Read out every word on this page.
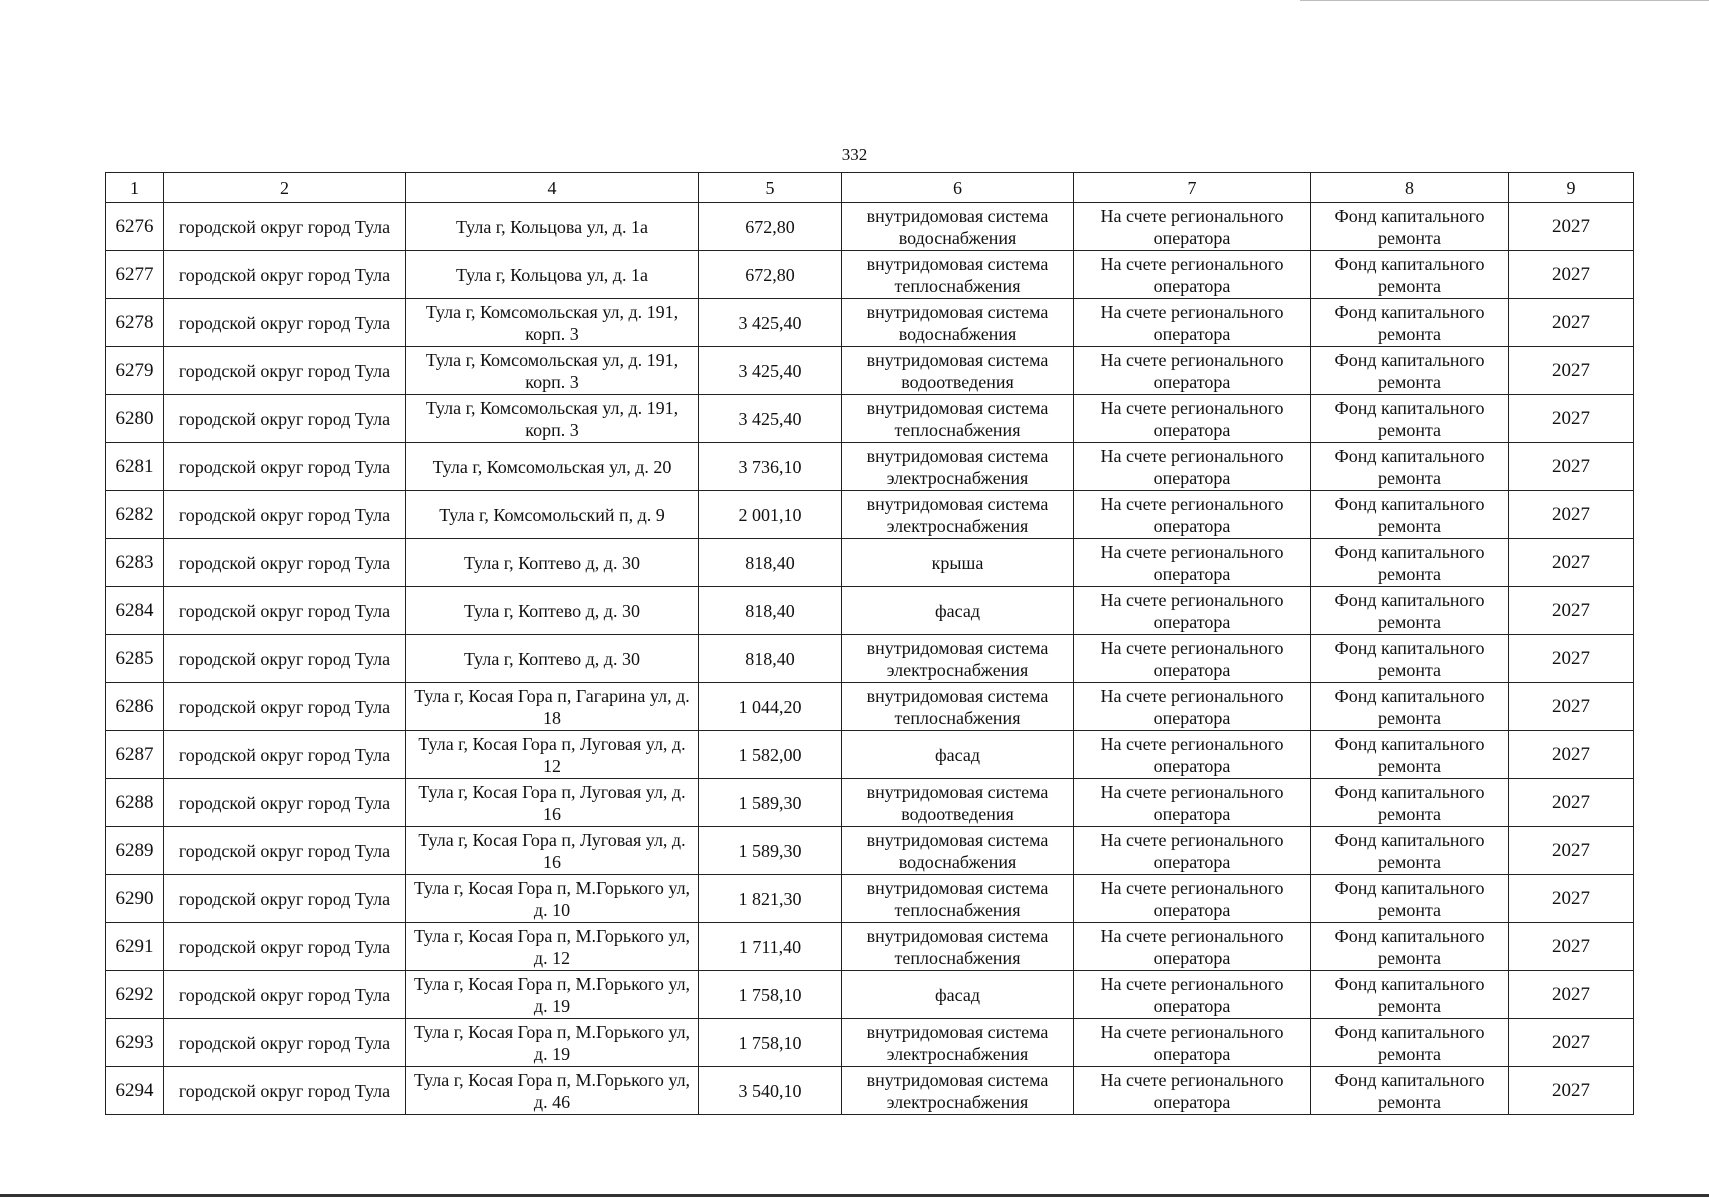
332
1	2	4	5	6	7	8	9
6276	городской округ город Тула	Тула г, Кольцова ул, д. 1а	672,80	внутридомовая система водоснабжения	На счете регионального оператора	Фонд капитального ремонта	2027
6277	городской округ город Тула	Тула г, Кольцова ул, д. 1а	672,80	внутридомовая система теплоснабжения	На счете регионального оператора	Фонд капитального ремонта	2027
6278	городской округ город Тула	Тула г, Комсомольская ул, д. 191, корп. 3	3 425,40	внутридомовая система водоснабжения	На счете регионального оператора	Фонд капитального ремонта	2027
6279	городской округ город Тула	Тула г, Комсомольская ул, д. 191, корп. 3	3 425,40	внутридомовая система водоотведения	На счете регионального оператора	Фонд капитального ремонта	2027
6280	городской округ город Тула	Тула г, Комсомольская ул, д. 191, корп. 3	3 425,40	внутридомовая система теплоснабжения	На счете регионального оператора	Фонд капитального ремонта	2027
6281	городской округ город Тула	Тула г, Комсомольская ул, д. 20	3 736,10	внутридомовая система электроснабжения	На счете регионального оператора	Фонд капитального ремонта	2027
6282	городской округ город Тула	Тула г, Комсомольский п, д. 9	2 001,10	внутридомовая система электроснабжения	На счете регионального оператора	Фонд капитального ремонта	2027
6283	городской округ город Тула	Тула г, Коптево д, д. 30	818,40	крыша	На счете регионального оператора	Фонд капитального ремонта	2027
6284	городской округ город Тула	Тула г, Коптево д, д. 30	818,40	фасад	На счете регионального оператора	Фонд капитального ремонта	2027
6285	городской округ город Тула	Тула г, Коптево д, д. 30	818,40	внутридомовая система электроснабжения	На счете регионального оператора	Фонд капитального ремонта	2027
6286	городской округ город Тула	Тула г, Косая Гора п, Гагарина ул, д. 18	1 044,20	внутридомовая система теплоснабжения	На счете регионального оператора	Фонд капитального ремонта	2027
6287	городской округ город Тула	Тула г, Косая Гора п, Луговая ул, д. 12	1 582,00	фасад	На счете регионального оператора	Фонд капитального ремонта	2027
6288	городской округ город Тула	Тула г, Косая Гора п, Луговая ул, д. 16	1 589,30	внутридомовая система водоотведения	На счете регионального оператора	Фонд капитального ремонта	2027
6289	городской округ город Тула	Тула г, Косая Гора п, Луговая ул, д. 16	1 589,30	внутридомовая система водоснабжения	На счете регионального оператора	Фонд капитального ремонта	2027
6290	городской округ город Тула	Тула г, Косая Гора п, М.Горького ул, д. 10	1 821,30	внутридомовая система теплоснабжения	На счете регионального оператора	Фонд капитального ремонта	2027
6291	городской округ город Тула	Тула г, Косая Гора п, М.Горького ул, д. 12	1 711,40	внутридомовая система теплоснабжения	На счете регионального оператора	Фонд капитального ремонта	2027
6292	городской округ город Тула	Тула г, Косая Гора п, М.Горького ул, д. 19	1 758,10	фасад	На счете регионального оператора	Фонд капитального ремонта	2027
6293	городской округ город Тула	Тула г, Косая Гора п, М.Горького ул, д. 19	1 758,10	внутридомовая система электроснабжения	На счете регионального оператора	Фонд капитального ремонта	2027
6294	городской округ город Тула	Тула г, Косая Гора п, М.Горького ул, д. 46	3 540,10	внутридомовая система электроснабжения	На счете регионального оператора	Фонд капитального ремонта	2027
